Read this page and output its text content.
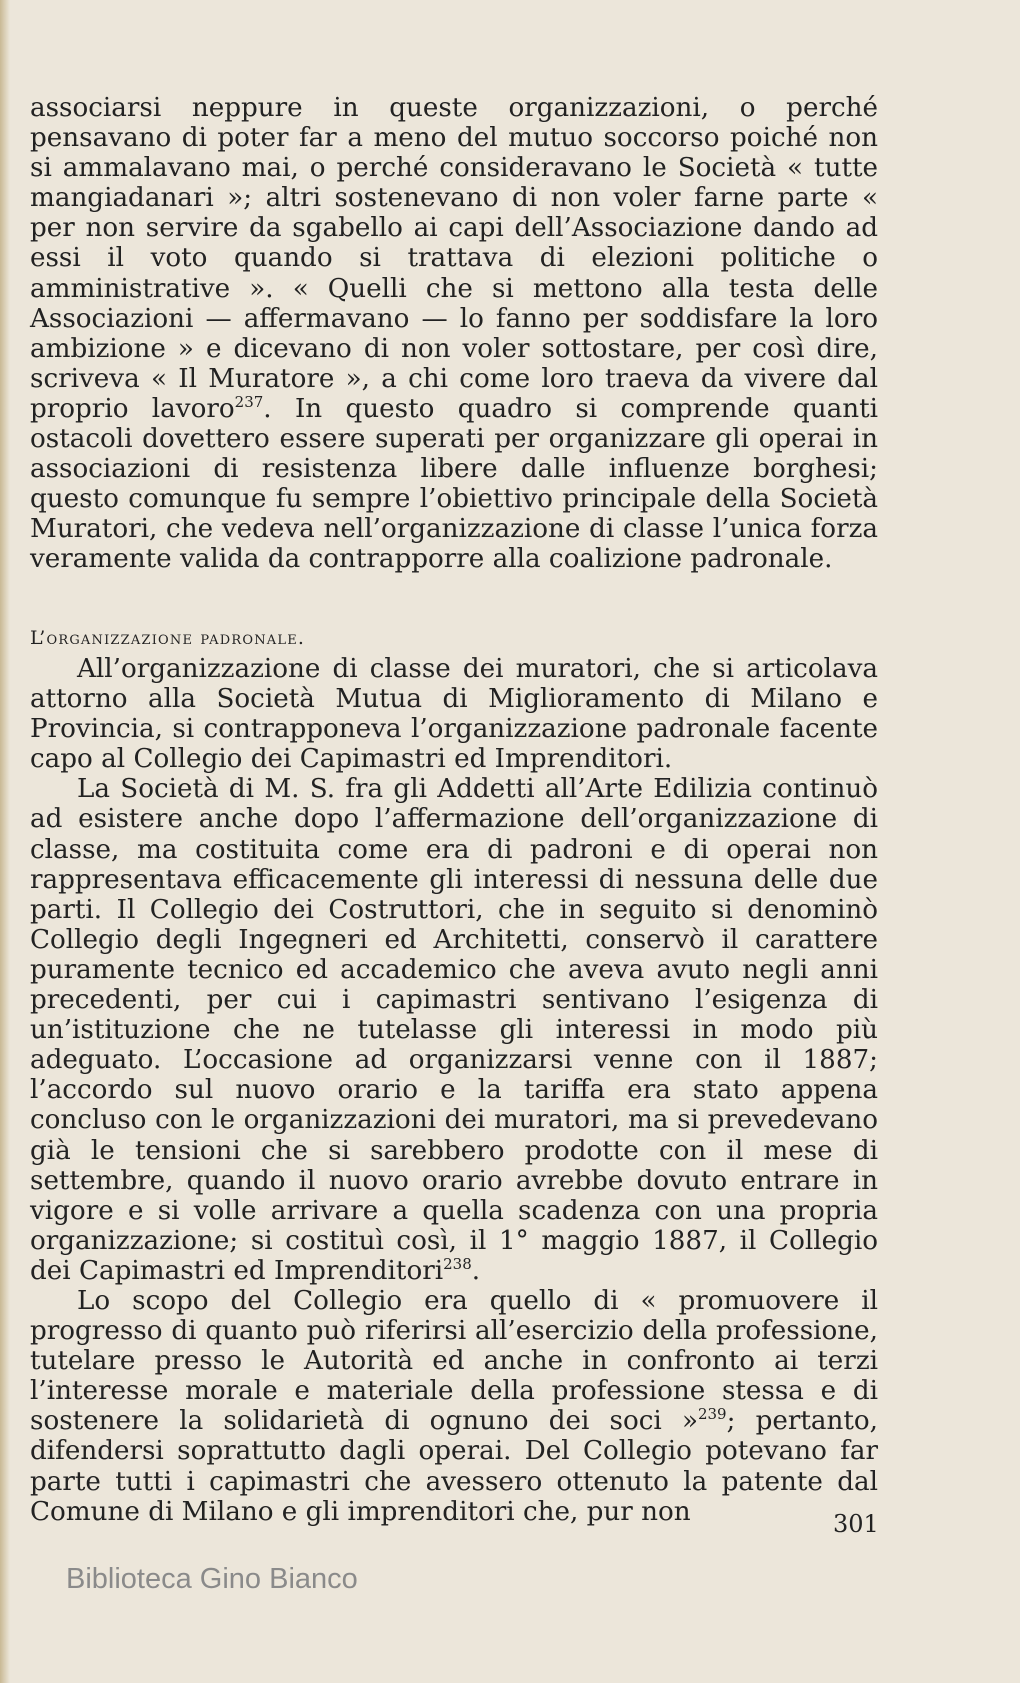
associarsi neppure in queste organizzazioni, o perché pensavano di poter far a meno del mutuo soccorso poiché non si ammalavano mai, o perché consideravano le Società « tutte mangiadanari »; altri sostenevano di non voler farne parte « per non servire da sgabello ai capi dell’Associazione dando ad essi il voto quando si trattava di elezioni politiche o amministrative ». « Quelli che si mettono alla testa delle Associazioni — affermavano — lo fanno per soddisfare la loro ambizione » e dicevano di non voler sottostare, per così dire, scriveva « Il Muratore », a chi come loro traeva da vivere dal proprio lavoro$^{237}$. In questo quadro si comprende quanti ostacoli dovettero essere superati per organizzare gli operai in associazioni di resistenza libere dalle influenze borghesi; questo comunque fu sempre l’obiettivo principale della Società Muratori, che vedeva nell’organizzazione di classe l’unica forza veramente valida da contrapporre alla coalizione padronale.

L’organizzazione padronale.

All’organizzazione di classe dei muratori, che si articolava attorno alla Società Mutua di Miglioramento di Milano e Provincia, si contrapponeva l’organizzazione padronale facente capo al Collegio dei Capimastri ed Imprenditori.

La Società di M. S. fra gli Addetti all’Arte Edilizia continuò ad esistere anche dopo l’affermazione dell’organizzazione di classe, ma costituita come era di padroni e di operai non rappresentava efficacemente gli interessi di nessuna delle due parti. Il Collegio dei Costruttori, che in seguito si denominò Collegio degli Ingegneri ed Architetti, conservò il carattere puramente tecnico ed accademico che aveva avuto negli anni precedenti, per cui i capimastri sentivano l’esigenza di un’istituzione che ne tutelasse gli interessi in modo più adeguato. L’occasione ad organizzarsi venne con il 1887; l’accordo sul nuovo orario e la tariffa era stato appena concluso con le organizzazioni dei muratori, ma si prevedevano già le tensioni che si sarebbero prodotte con il mese di settembre, quando il nuovo orario avrebbe dovuto entrare in vigore e si volle arrivare a quella scadenza con una propria organizzazione; si costituì così, il 1° maggio 1887, il Collegio dei Capimastri ed Imprenditori$^{238}$.

Lo scopo del Collegio era quello di « promuovere il progresso di quanto può riferirsi all’esercizio della professione, tutelare presso le Autorità ed anche in confronto ai terzi l’interesse morale e materiale della professione stessa e di sostenere la solidarietà di ognuno dei soci »$^{239}$; pertanto, difendersi soprattutto dagli operai. Del Collegio potevano far parte tutti i capimastri che avessero ottenuto la patente dal Comune di Milano e gli imprenditori che, pur non	301
Biblioteca Gino Bianco
